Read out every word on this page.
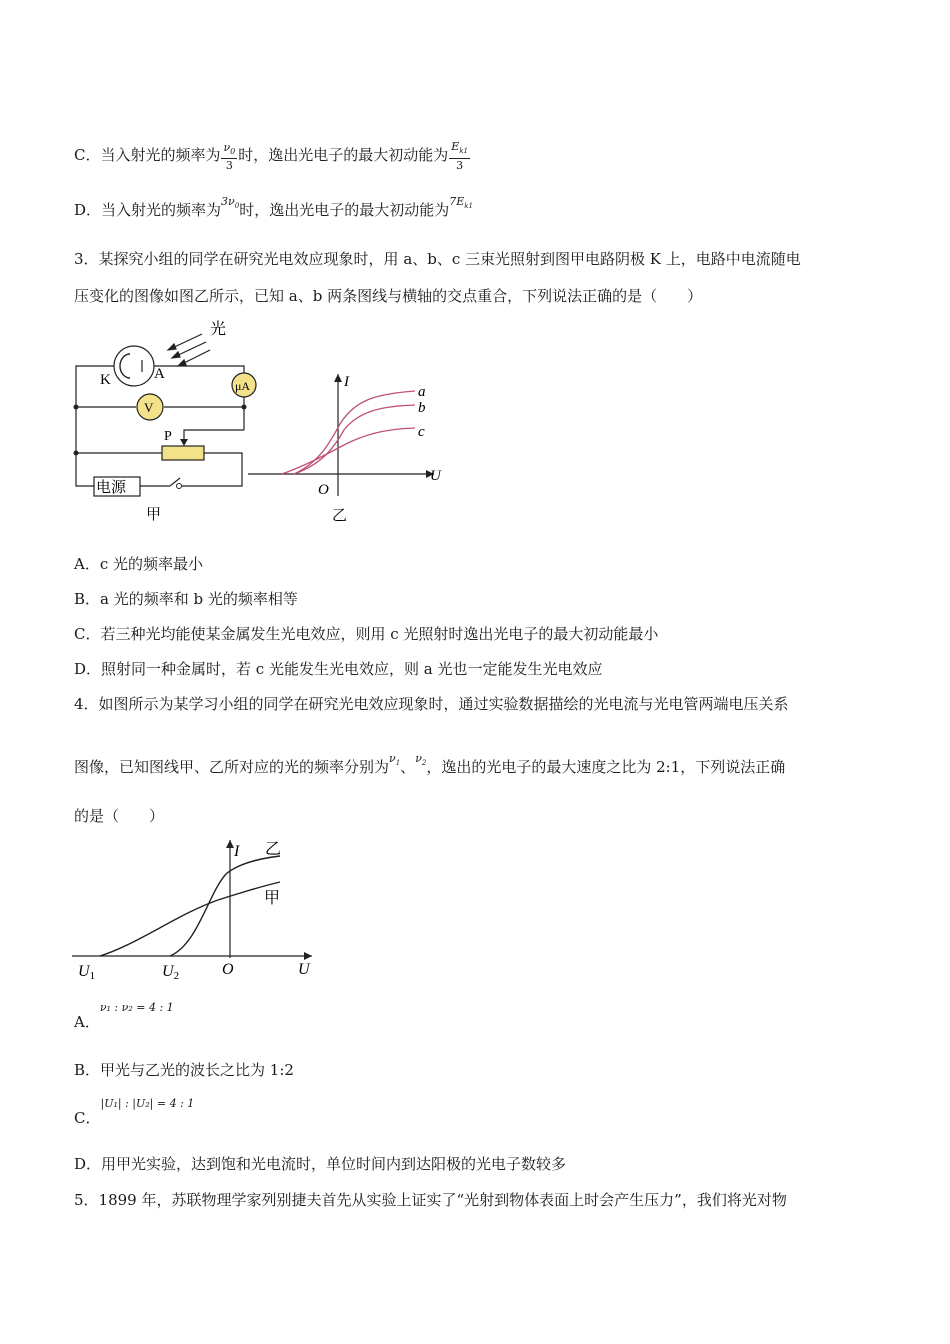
C．当入射光的频率为 $\frac{\nu_0}{3}$ 时，逸出光电子的最大初动能为 $\frac{E_{k1}}{3}$
D．当入射光的频率为$^{3\nu_0}$时，逸出光电子的最大初动能为$^{7E_{k1}}$
3．某探究小组的同学在研究光电效应现象时，用 a、b、c 三束光照射到图甲电路阴极 K 上，电路中电流随电
压变化的图像如图乙所示，已知 a、b 两条图线与横轴的交点重合，下列说法正确的是（　　）
光
K	A
μA
V
P
电源
甲
I
U
O
a
b
c
乙
A．c 光的频率最小
B．a 光的频率和 b 光的频率相等
C．若三种光均能使某金属发生光电效应，则用 c 光照射时逸出光电子的最大初动能最小
D．照射同一种金属时，若 c 光能发生光电效应，则 a 光也一定能发生光电效应
4．如图所示为某学习小组的同学在研究光电效应现象时，通过实验数据描绘的光电流与光电管两端电压关系
图像，已知图线甲、乙所对应的光的频率分别为$^{\nu_1}$、$^{\nu_2}$，逸出的光电子的最大速度之比为 2:1，下列说法正确
的是（　　）
I 乙
甲
U
O
U1	U2
A．$^{\nu_1 : \nu_2 = 4 : 1}$
B．甲光与乙光的波长之比为 1:2
C．$^{|U_1| : |U_2| = 4 : 1}$
D．用甲光实验，达到饱和光电流时，单位时间内到达阳极的光电子数较多
5．1899 年，苏联物理学家列别捷夫首先从实验上证实了“光射到物体表面上时会产生压力”，我们将光对物
